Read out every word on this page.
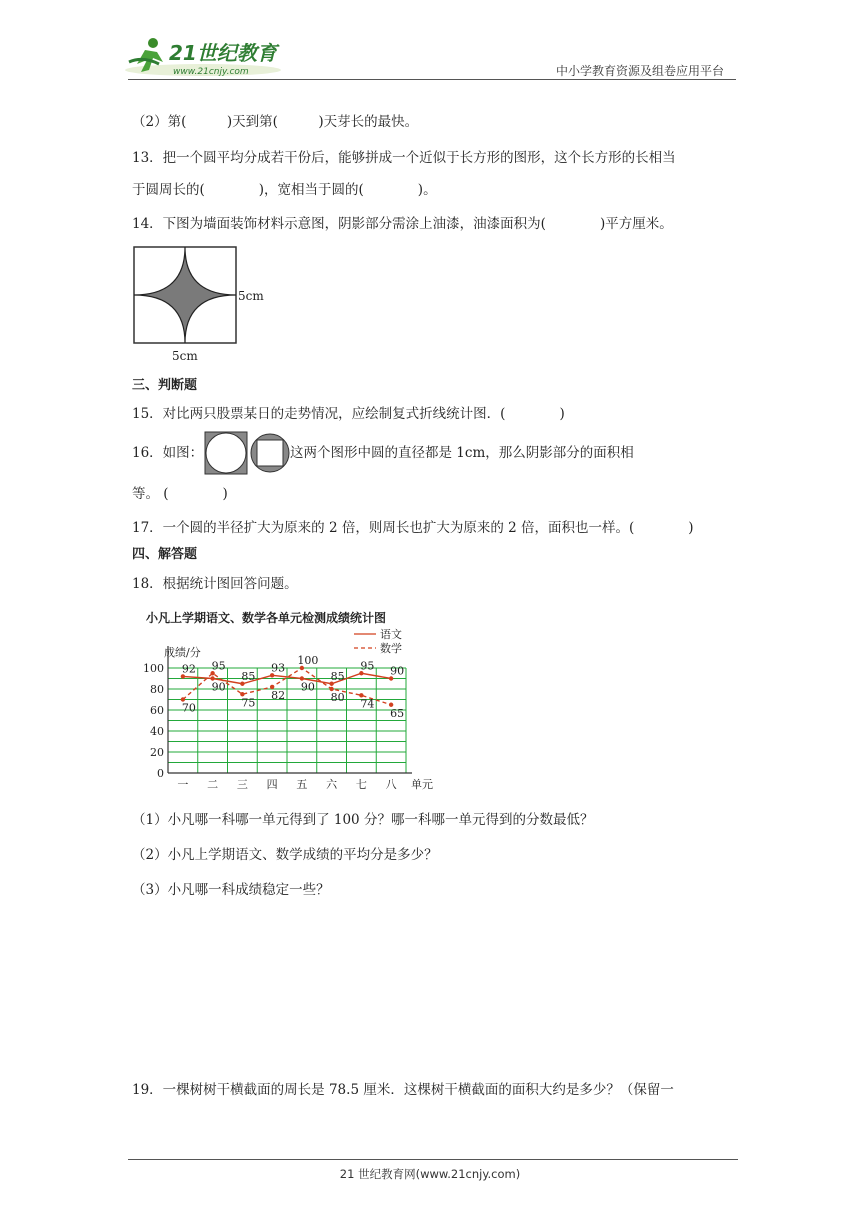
21世纪教育
www.21cnjy.com	中小学教育资源及组卷应用平台
（2）第(　　　)天到第(　　　)天芽长的最快。
13．把一个圆平均分成若干份后，能够拼成一个近似于长方形的图形，这个长方形的长相当
于圆周长的(　　　　)，宽相当于圆的(　　　　)。
14．下图为墙面装饰材料示意图，阴影部分需涂上油漆，油漆面积为(　　　　)平方厘米。
5cm
5cm
三、判断题
15．对比两只股票某日的走势情况，应绘制复式折线统计图．(　　　　)
16．如图：	这两个图形中圆的直径都是 1cm，那么阴影部分的面积相
等。 (　　　　)
17．一个圆的半径扩大为原来的 2 倍，则周长也扩大为原来的 2 倍，面积也一样。(　　　　)
四、解答题
18．根据统计图回答问题。
小凡上学期语文、数学各单元检测成绩统计图
成绩/分
0
20
40
60
80
100
一 二 三 四 五 六 七 八 单元
语文
数学
92
90
85
93
90
85
95 90
70
95
75
82
100
80 74
65
（1）小凡哪一科哪一单元得到了 100 分？哪一科哪一单元得到的分数最低？
（2）小凡上学期语文、数学成绩的平均分是多少？
（3）小凡哪一科成绩稳定一些？
19．一棵树树干横截面的周长是 78.5 厘米．这棵树干横截面的面积大约是多少？（保留一
21 世纪教育网(www.21cnjy.com)
